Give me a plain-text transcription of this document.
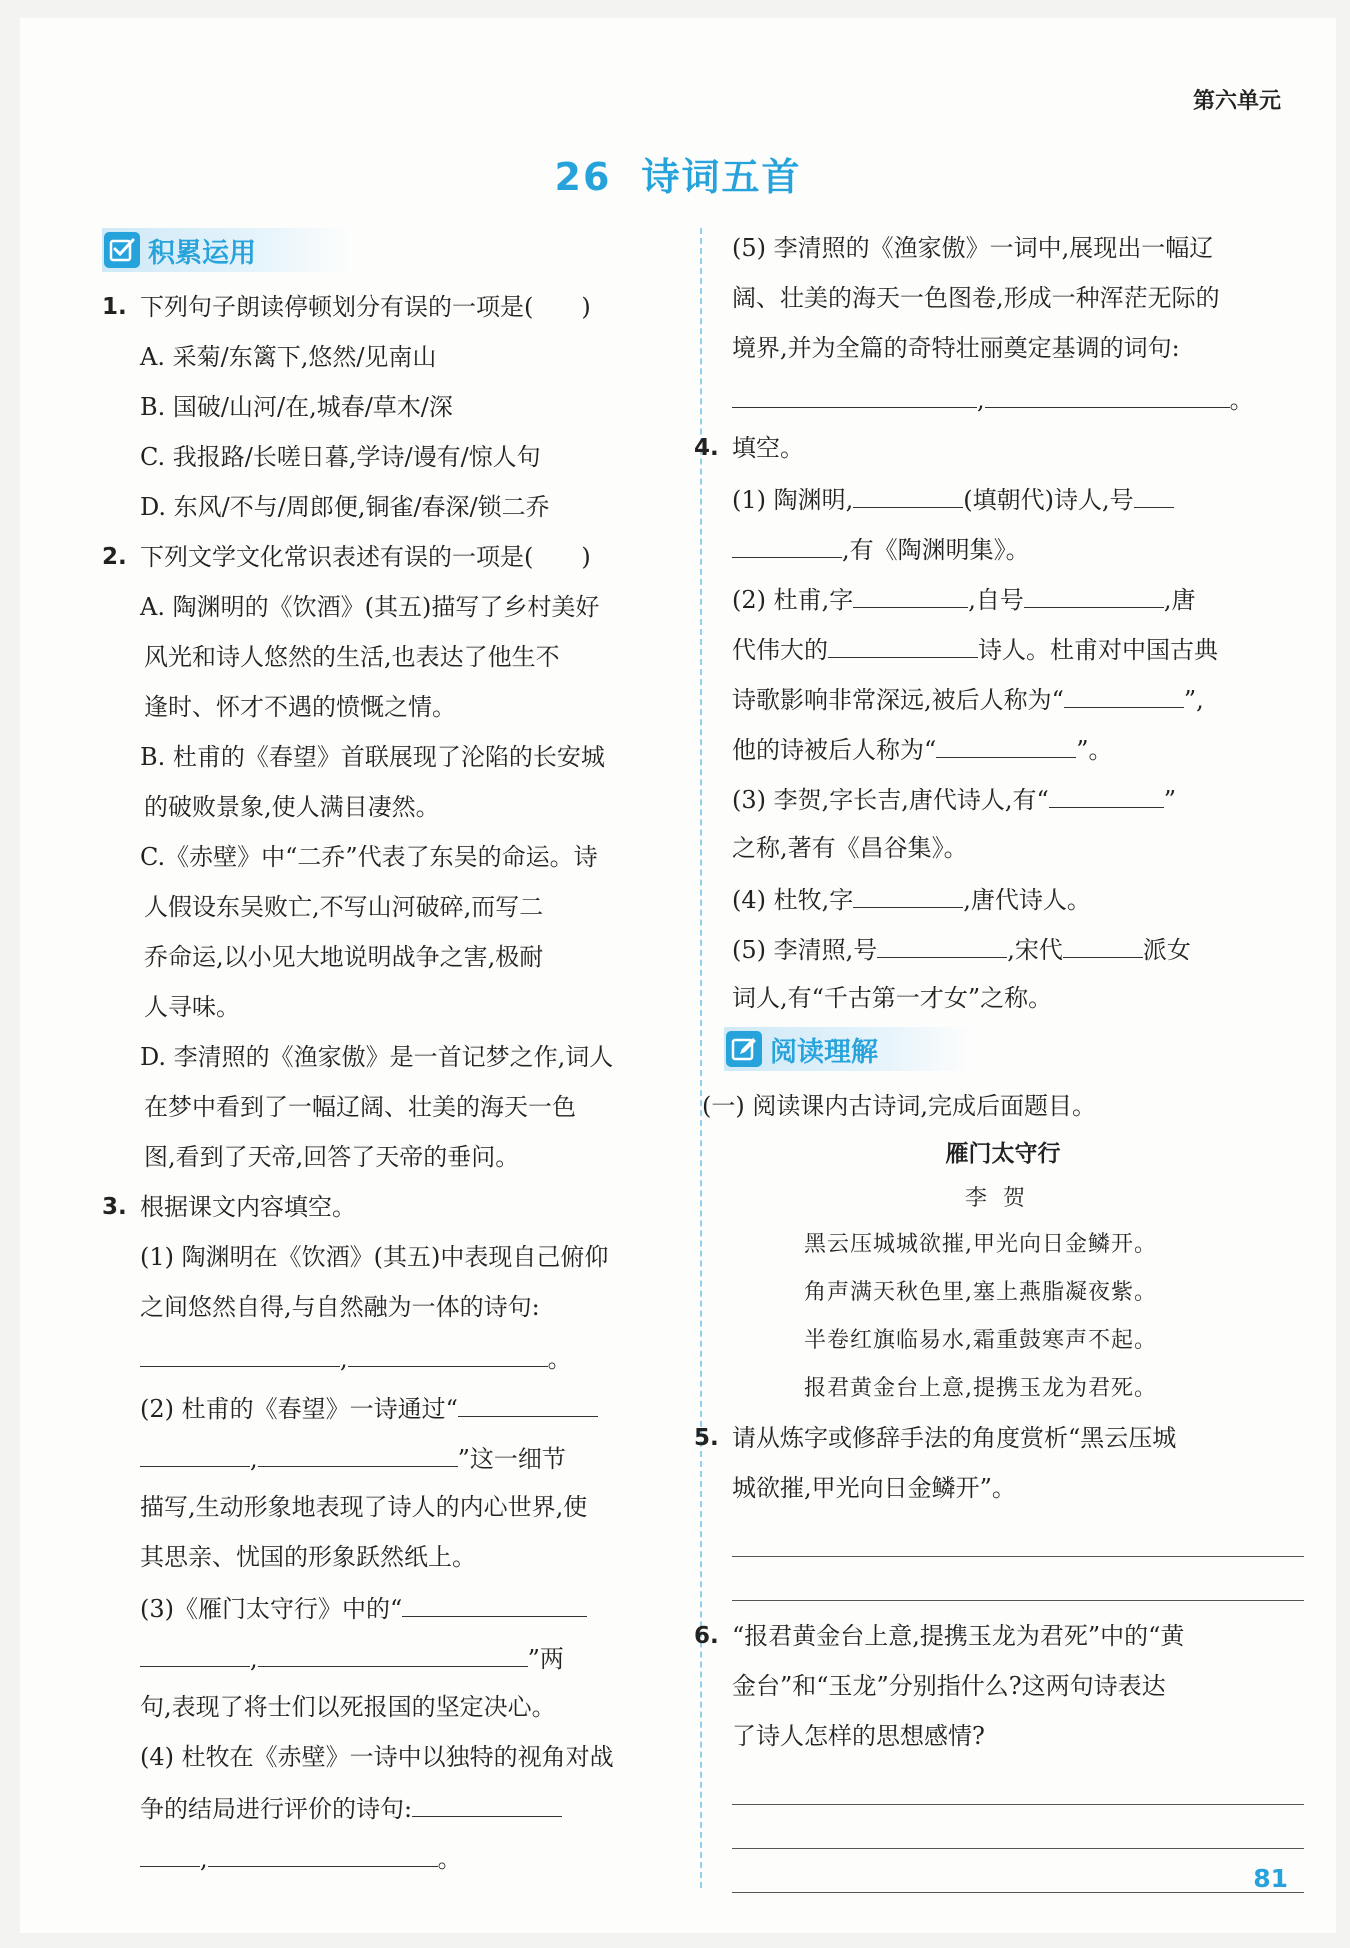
第六单元
26 诗词五首
积累运用
1. 下列句子朗读停顿划分有误的一项是(　　)
A. 采菊/东篱下,悠然/见南山
B. 国破/山河/在,城春/草木/深
C. 我报路/长嗟日暮,学诗/谩有/惊人句
D. 东风/不与/周郎便,铜雀/春深/锁二乔
2. 下列文学文化常识表述有误的一项是(　　)
A. 陶渊明的《饮酒》(其五)描写了乡村美好
风光和诗人悠然的生活,也表达了他生不
逢时、怀才不遇的愤慨之情。
B. 杜甫的《春望》首联展现了沦陷的长安城
的破败景象,使人满目凄然。
C.《赤壁》中“二乔”代表了东吴的命运。诗
人假设东吴败亡,不写山河破碎,而写二
乔命运,以小见大地说明战争之害,极耐
人寻味。
D. 李清照的《渔家傲》是一首记梦之作,词人
在梦中看到了一幅辽阔、壮美的海天一色
图,看到了天帝,回答了天帝的垂问。
3. 根据课文内容填空。
(1) 陶渊明在《饮酒》(其五)中表现自己俯仰
之间悠然自得,与自然融为一体的诗句:
,	。
(2) 杜甫的《春望》一诗通过“
,	”这一细节
描写,生动形象地表现了诗人的内心世界,使
其思亲、忧国的形象跃然纸上。
(3)《雁门太守行》中的“
,	”两
句,表现了将士们以死报国的坚定决心。
(4) 杜牧在《赤壁》一诗中以独特的视角对战
争的结局进行评价的诗句:
,	。
(5) 李清照的《渔家傲》一词中,展现出一幅辽
阔、壮美的海天一色图卷,形成一种浑茫无际的
境界,并为全篇的奇特壮丽奠定基调的词句:
,	。
4. 填空。
(1) 陶渊明,	(填朝代)诗人,号
,有《陶渊明集》。
(2) 杜甫,字	,自号	,唐
代伟大的	诗人。杜甫对中国古典
诗歌影响非常深远,被后人称为“	”,
他的诗被后人称为“	”。
(3) 李贺,字长吉,唐代诗人,有“	”
之称,著有《昌谷集》。
(4) 杜牧,字	,唐代诗人。
(5) 李清照,号	,宋代	派女
词人,有“千古第一才女”之称。
阅读理解
(一) 阅读课内古诗词,完成后面题目。
雁门太守行
李贺
黑云压城城欲摧,甲光向日金鳞开。
角声满天秋色里,塞上燕脂凝夜紫。
半卷红旗临易水,霜重鼓寒声不起。
报君黄金台上意,提携玉龙为君死。
5. 请从炼字或修辞手法的角度赏析“黑云压城
城欲摧,甲光向日金鳞开”。
6. “报君黄金台上意,提携玉龙为君死”中的“黄
金台”和“玉龙”分别指什么?这两句诗表达
了诗人怎样的思想感情?
81
